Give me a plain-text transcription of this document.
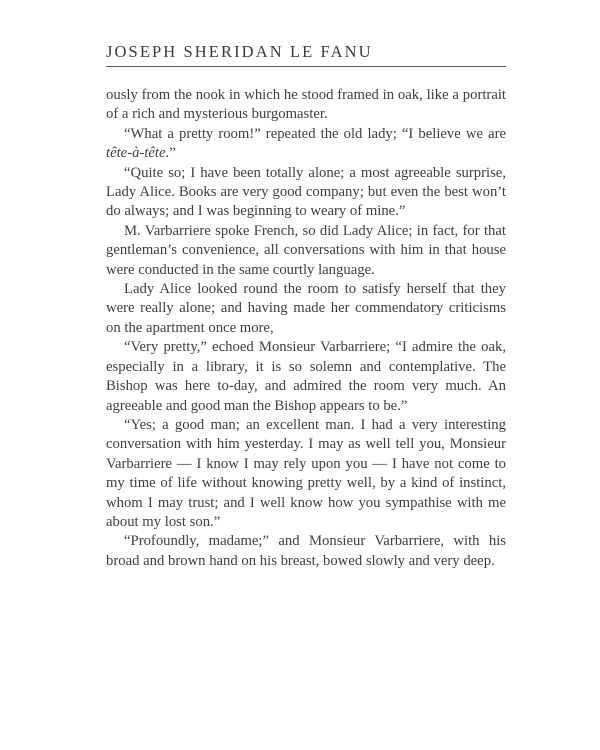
JOSEPH SHERIDAN LE FANU

ously from the nook in which he stood framed in oak, like a portrait of a rich and mysterious burgomaster.

“What a pretty room!” repeated the old lady; “I believe we are tête-à-tête.”

“Quite so; I have been totally alone; a most agreeable surprise, Lady Alice. Books are very good company; but even the best won’t do always; and I was beginning to weary of mine.”

M. Varbarriere spoke French, so did Lady Alice; in fact, for that gentleman’s convenience, all conversations with him in that house were conducted in the same courtly language.

Lady Alice looked round the room to satisfy herself that they were really alone; and having made her commendatory criticisms on the apartment once more,

“Very pretty,” echoed Monsieur Varbarriere; “I admire the oak, especially in a library, it is so solemn and contemplative. The Bishop was here to-day, and admired the room very much. An agreeable and good man the Bishop appears to be.”

“Yes; a good man; an excellent man. I had a very interesting conversation with him yesterday. I may as well tell you, Monsieur Varbarriere — I know I may rely upon you — I have not come to my time of life without knowing pretty well, by a kind of instinct, whom I may trust; and I well know how you sympathise with me about my lost son.”

“Profoundly, madame;” and Monsieur Varbarriere, with his broad and brown hand on his breast, bowed slowly and very deep.
